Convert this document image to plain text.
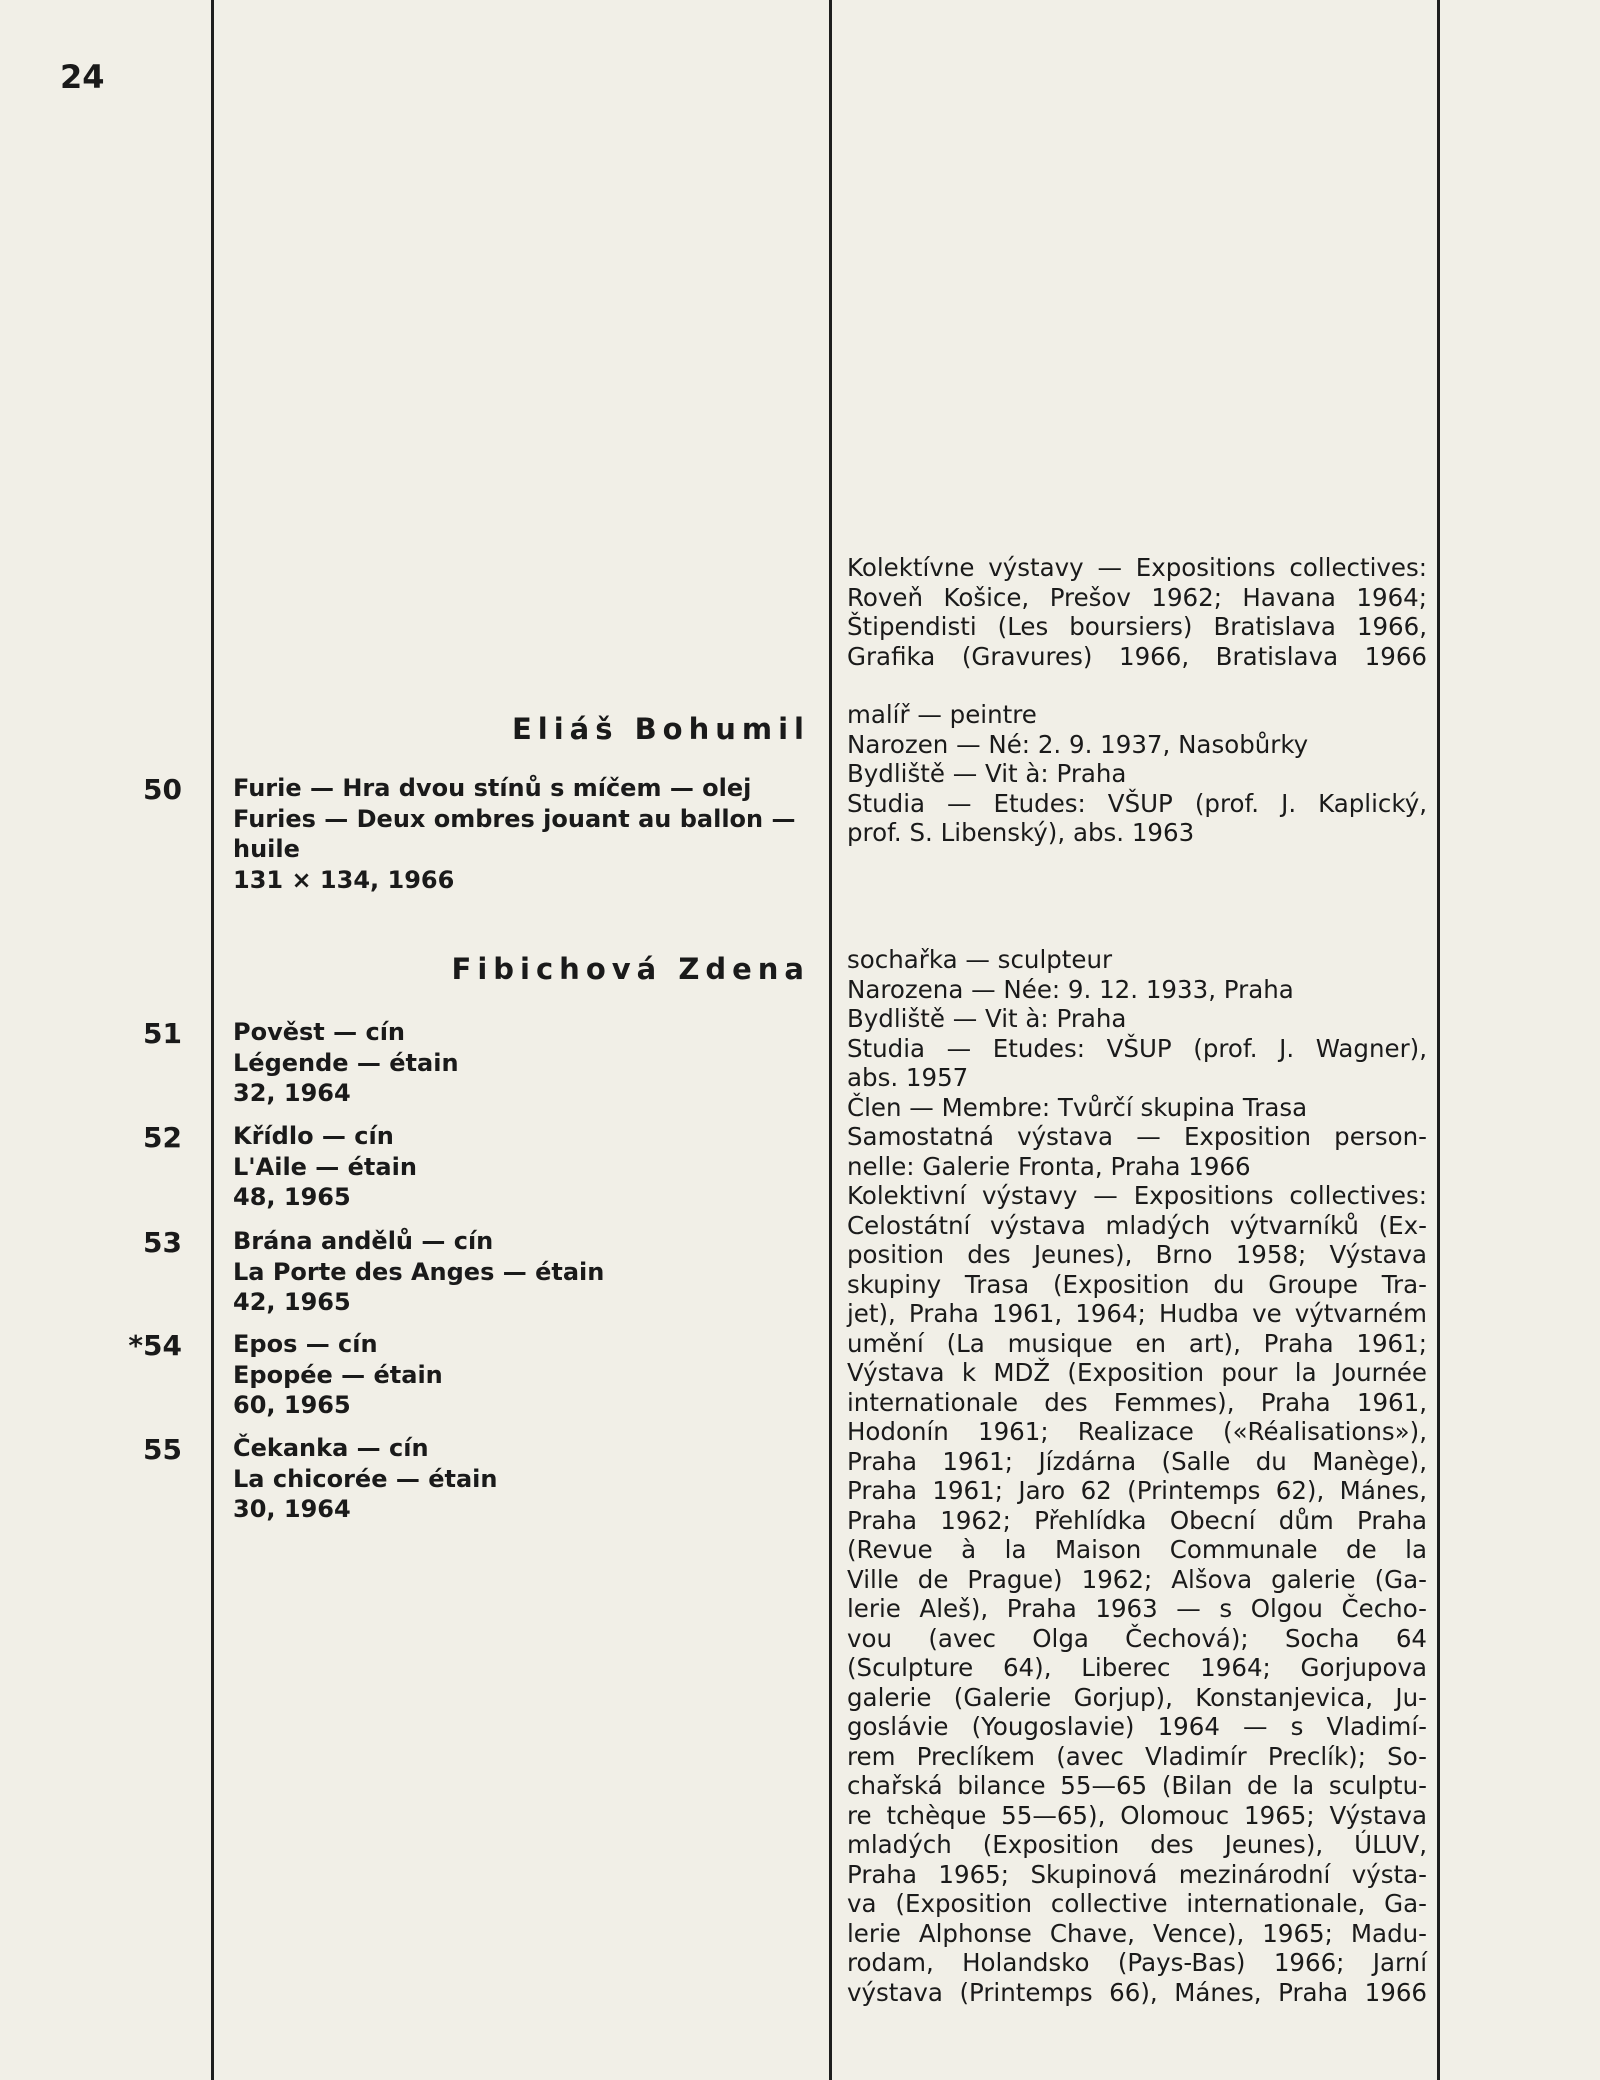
24
Kolektívne výstavy — Expositions collectives:
Roveň Košice, Prešov 1962; Havana 1964;
Štipendisti (Les boursiers) Bratislava 1966,
Grafika (Gravures) 1966, Bratislava 1966
Eliáš Bohumil
50 Furie — Hra dvou stínů s míčem — olej
Furies — Deux ombres jouant au ballon —
huile
131 × 134, 1966
malíř — peintre
Narozen — Né: 2. 9. 1937, Nasobůrky
Bydliště — Vit à: Praha
Studia — Etudes: VŠUP (prof. J. Kaplický,
prof. S. Libenský), abs. 1963
Fibichová Zdena
51 Pověst — cín
Légende — étain
32, 1964
52 Křídlo — cín
L'Aile — étain
48, 1965
53 Brána andělů — cín
La Porte des Anges — étain
42, 1965
*54 Epos — cín
Epopée — étain
60, 1965
55 Čekanka — cín
La chicorée — étain
30, 1964
sochařka — sculpteur
Narozena — Née: 9. 12. 1933, Praha
Bydliště — Vit à: Praha
Studia — Etudes: VŠUP (prof. J. Wagner),
abs. 1957
Člen — Membre: Tvůrčí skupina Trasa
Samostatná výstava — Exposition person-
nelle: Galerie Fronta, Praha 1966
Kolektivní výstavy — Expositions collectives:
Celostátní výstava mladých výtvarníků (Ex-
position des Jeunes), Brno 1958; Výstava
skupiny Trasa (Exposition du Groupe Tra-
jet), Praha 1961, 1964; Hudba ve výtvarném
umění (La musique en art), Praha 1961;
Výstava k MDŽ (Exposition pour la Journée
internationale des Femmes), Praha 1961,
Hodonín 1961; Realizace («Réalisations»),
Praha 1961; Jízdárna (Salle du Manège),
Praha 1961; Jaro 62 (Printemps 62), Mánes,
Praha 1962; Přehlídka Obecní dům Praha
(Revue à la Maison Communale de la
Ville de Prague) 1962; Alšova galerie (Ga-
lerie Aleš), Praha 1963 — s Olgou Čecho-
vou (avec Olga Čechová); Socha 64
(Sculpture 64), Liberec 1964; Gorjupova
galerie (Galerie Gorjup), Konstanjevica, Ju-
goslávie (Yougoslavie) 1964 — s Vladimí-
rem Preclíkem (avec Vladimír Preclík); So-
chařská bilance 55—65 (Bilan de la sculptu-
re tchèque 55—65), Olomouc 1965; Výstava
mladých (Exposition des Jeunes), ÚLUV,
Praha 1965; Skupinová mezinárodní výsta-
va (Exposition collective internationale, Ga-
lerie Alphonse Chave, Vence), 1965; Madu-
rodam, Holandsko (Pays-Bas) 1966; Jarní
výstava (Printemps 66), Mánes, Praha 1966
